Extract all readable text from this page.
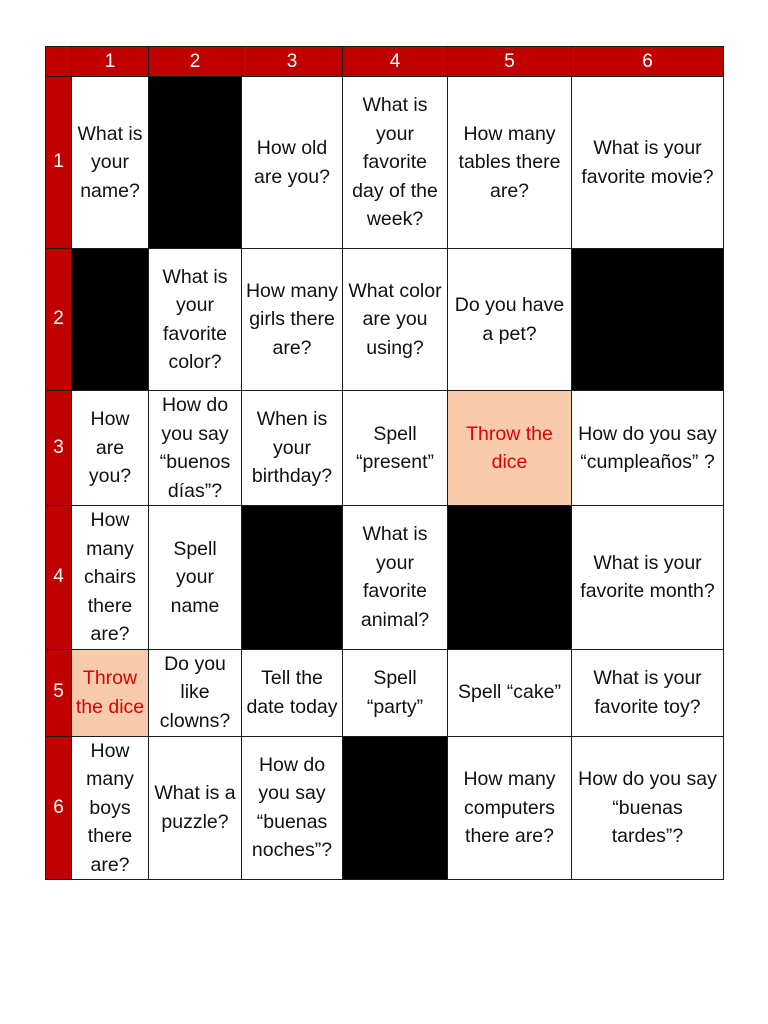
	1	2	3	4	5	6
1	What is your name?		How old are you?	What is your favorite day of the week?	How many tables there are?	What is your favorite movie?
2		What is your favorite color?	How many girls there are?	What color are you using?	Do you have a pet?	
3	How are you?	How do you say “buenos días”?	When is your birthday?	Spell “present”	Throw the dice	How do you say “cumpleaños” ?
4	How many chairs there are?	Spell your name		What is your favorite animal?		What is your favorite month?
5	Throw the dice	Do you like clowns?	Tell the date today	Spell “party”	Spell “cake”	What is your favorite toy?
6	How many boys there are?	What is a puzzle?	How do you say “buenas noches”?		How many computers there are?	How do you say “buenas tardes”?
